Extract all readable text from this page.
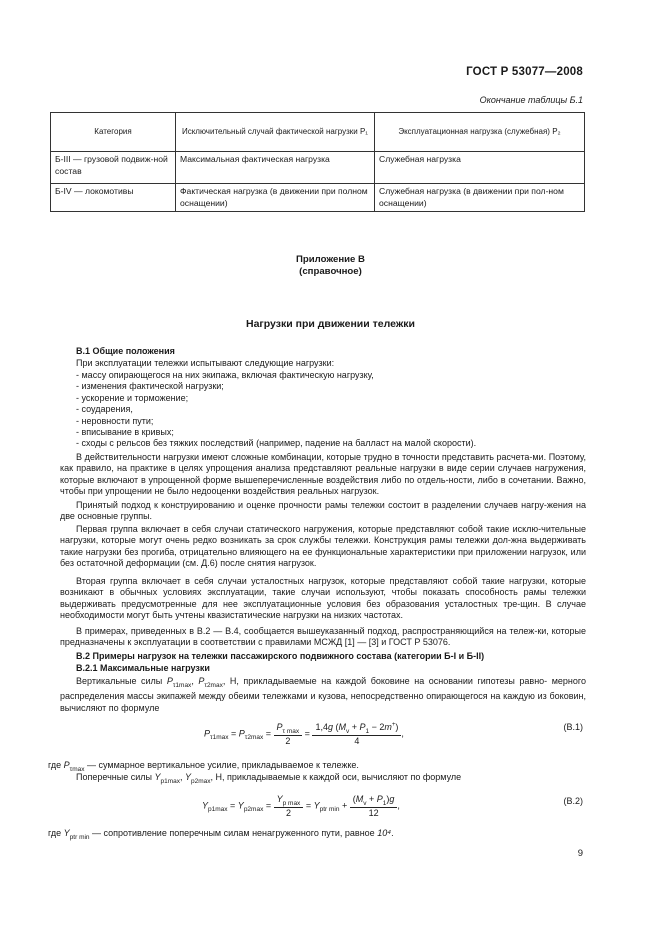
ГОСТ Р 53077—2008
Окончание таблицы Б.1
Категория	Исключительный случай фактической нагрузки P₁	Эксплуатационная нагрузка (служебная) P₂
Б-III — грузовой подвиж-ной состав	Максимальная фактическая нагрузка	Служебная нагрузка
Б-IV — локомотивы	Фактическая нагрузка (в движении при полном оснащении)	Служебная нагрузка (в движении при пол-ном оснащении)
Приложение В
(справочное)
Нагрузки при движении тележки
В.1 Общие положения
При эксплуатации тележки испытывают следующие нагрузки:
- массу опирающегося на них экипажа, включая фактическую нагрузку,
- изменения фактической нагрузки;
- ускорение и торможение;
- соударения,
- неровности пути;
- вписывание в кривых;
- сходы с рельсов без тяжких последствий (например, падение на балласт на малой скорости).
В действительности нагрузки имеют сложные комбинации, которые трудно в точности представить расчета-ми. Поэтому, как правило, на практике в целях упрощения анализа представляют реальные нагрузки в виде серии случаев нагружения, которые включают в упрощенной форме вышеперечисленные воздействия либо по отдель-ности, либо в сочетании. Важно, чтобы при упрощении не было недооценки воздействия реальных нагрузок.
Принятый подход к конструированию и оценке прочности рамы тележки состоит в разделении случаев нагру-жения на две основные группы.
Первая группа включает в себя случаи статического нагружения, которые представляют собой такие исклю-чительные нагрузки, которые могут очень редко возникать за срок службы тележки. Конструкция рамы тележки дол-жна выдерживать такие нагрузки без прогиба, отрицательно влияющего на ее функциональные характеристики при приложении нагрузок, или без остаточной деформации (см. Д.6) после снятия нагрузок.
Вторая группа включает в себя случаи усталостных нагрузок, которые представляют собой такие нагрузки, которые возникают в обычных условиях эксплуатации, такие случаи используют, чтобы показать способность рамы тележки выдерживать предусмотренные для нее эксплуатационные условия без образования усталостных тре-щин. В случае необходимости могут быть учтены квазистатические нагрузки на низких частотах.
В примерах, приведенных в В.2 — В.4, сообщается вышеуказанный подход, распространяющийся на тележ-ки, которые предназначены к эксплуатации в соответствии с правилами МСЖД [1] — [3] и ГОСТ Р 53076.
В.2 Примеры нагрузок на тележки пассажирского подвижного состава (категории Б-I и Б-II)
В.2.1 Максимальные нагрузки
Вертикальные силы $P_{\tau 1max}$, $P_{\tau 2max}$, Н, прикладываемые на каждой боковине на основании гипотезы равно- мерного распределения массы экипажей между обеими тележками и кузова, непосредственно опирающегося на каждую из боковин, вычисляют по формуле
$P_{\tau 1max} = P_{\tau 2max} = \frac{P_{\tau max}}{2} = \frac{1,4g (M_v + P_1 - 2m^+)}{4}$ ,
(В.1)
где $P_{\tau max}$ — суммарное вертикальное усилие, прикладываемое к тележке.
Поперечные силы $Y_{p1max}$, $Y_{p2max}$, Н, прикладываемые к каждой оси, вычисляют по формуле
$Y_{p1max} = Y_{p2max} = \frac{Y_{p max}}{2} = Y_{ptr min} + \frac{(M_v + P_1)g}{12}$ ,	(В.2)
где $Y_{ptr min}$ — сопротивление поперечным силам ненагруженного пути, равное 10⁴.
9
